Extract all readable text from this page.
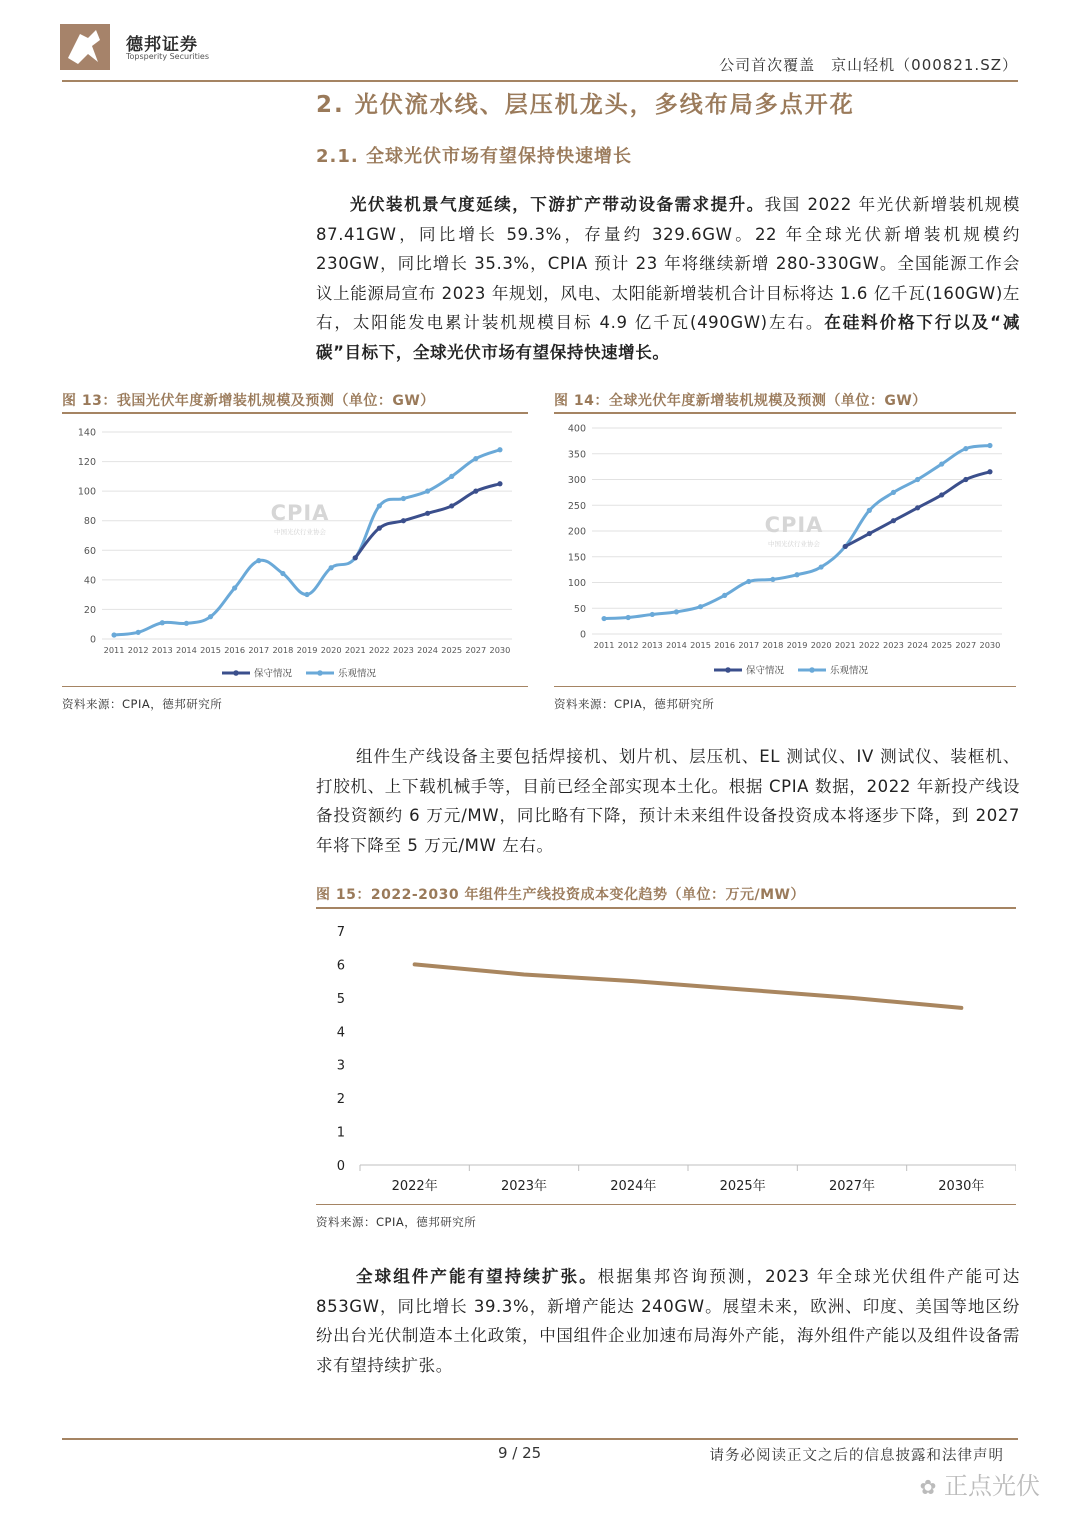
德邦证券
Topsperity Securities	公司首次覆盖　京山轻机（000821.SZ）
2. 光伏流水线、层压机龙头，多线布局多点开花
2.1. 全球光伏市场有望保持快速增长
光伏装机景气度延续，下游扩产带动设备需求提升。我国 2022 年光伏新增装机规模 87.41GW，同比增长 59.3%，存量约 329.6GW。22 年全球光伏新增装机规模约 230GW，同比增长 35.3%，CPIA 预计 23 年将继续新增 280-330GW。全国能源工作会议上能源局宣布 2023 年规划，风电、太阳能新增装机合计目标将达 1.6 亿千瓦(160GW)左右，太阳能发电累计装机规模目标 4.9 亿千瓦(490GW)左右。在硅料价格下行以及“减碳”目标下，全球光伏市场有望保持快速增长。
图 13：我国光伏年度新增装机规模及预测（单位：GW）
0
20
40
60
80
100
120
140
2011 2012 2013 2014 2015 2016 2017 2018 2019 2020 2021 2022 2023 2024 2025 2027 2030
CPIA
中国光伏行业协会
保守情况	乐观情况
资料来源：CPIA，德邦研究所
图 14：全球光伏年度新增装机规模及预测（单位：GW）
0
50
100
150
200
250
300
350
400
2011 2012 2013 2014 2015 2016 2017 2018 2019 2020 2021 2022 2023 2024 2025 2027 2030
CPIA
中国光伏行业协会
保守情况	乐观情况
资料来源：CPIA，德邦研究所
组件生产线设备主要包括焊接机、划片机、层压机、EL 测试仪、IV 测试仪、装框机、打胶机、上下载机械手等，目前已经全部实现本土化。根据 CPIA 数据，2022 年新投产线设备投资额约 6 万元/MW，同比略有下降，预计未来组件设备投资成本将逐步下降，到 2027 年将下降至 5 万元/MW 左右。
图 15：2022-2030 年组件生产线投资成本变化趋势（单位：万元/MW）
0
1
2
3
4
5
6
7
2022年	2023年	2024年	2025年	2027年	2030年
资料来源：CPIA，德邦研究所
全球组件产能有望持续扩张。根据集邦咨询预测，2023 年全球光伏组件产能可达 853GW，同比增长 39.3%，新增产能达 240GW。展望未来，欧洲、印度、美国等地区纷纷出台光伏制造本土化政策，中国组件企业加速布局海外产能，海外组件产能以及组件设备需求有望持续扩张。
9 / 25	请务必阅读正文之后的信息披露和法律声明
✿ 正点光伏
